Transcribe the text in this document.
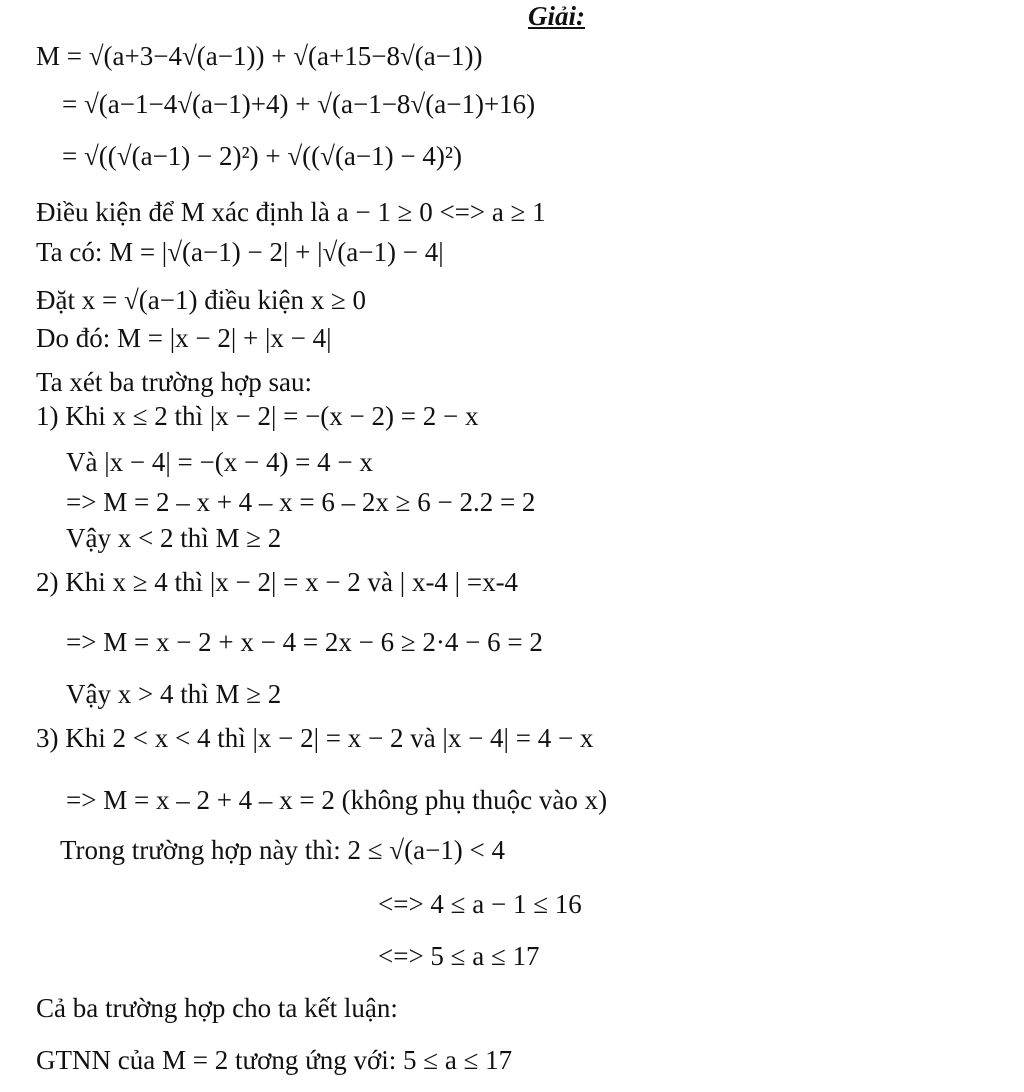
Giải:
M = √(a+3−4√(a−1)) + √(a+15−8√(a−1))
= √(a−1−4√(a−1)+4) + √(a−1−8√(a−1)+16)
= √((√(a−1) − 2)²) + √((√(a−1) − 4)²)
Điều kiện để M xác định là a − 1 ≥ 0 <=> a ≥ 1
Ta có: M = |√(a−1) − 2| + |√(a−1) − 4|
Đặt x = √(a−1) điều kiện x ≥ 0
Do đó: M = |x − 2| + |x − 4|
Ta xét ba trường hợp sau:
1) Khi x ≤ 2 thì |x − 2| = −(x − 2) = 2 − x
Và |x − 4| = −(x − 4) = 4 − x
=> M = 2 – x + 4 – x = 6 – 2x ≥ 6 − 2.2 = 2
Vậy x < 2 thì M ≥ 2
2) Khi x ≥ 4 thì |x − 2| = x − 2 và | x-4 | =x-4
=> M = x − 2 + x − 4 = 2x − 6 ≥ 2·4 − 6 = 2
Vậy x > 4 thì M ≥ 2
3) Khi 2 < x < 4 thì |x − 2| = x − 2 và |x − 4| = 4 − x
=> M = x – 2 + 4 – x = 2 (không phụ thuộc vào x)
Trong trường hợp này thì: 2 ≤ √(a−1) < 4
<=> 4 ≤ a − 1 ≤ 16
<=> 5 ≤ a ≤ 17
Cả ba trường hợp cho ta kết luận:
GTNN của M = 2 tương ứng với: 5 ≤ a ≤ 17
